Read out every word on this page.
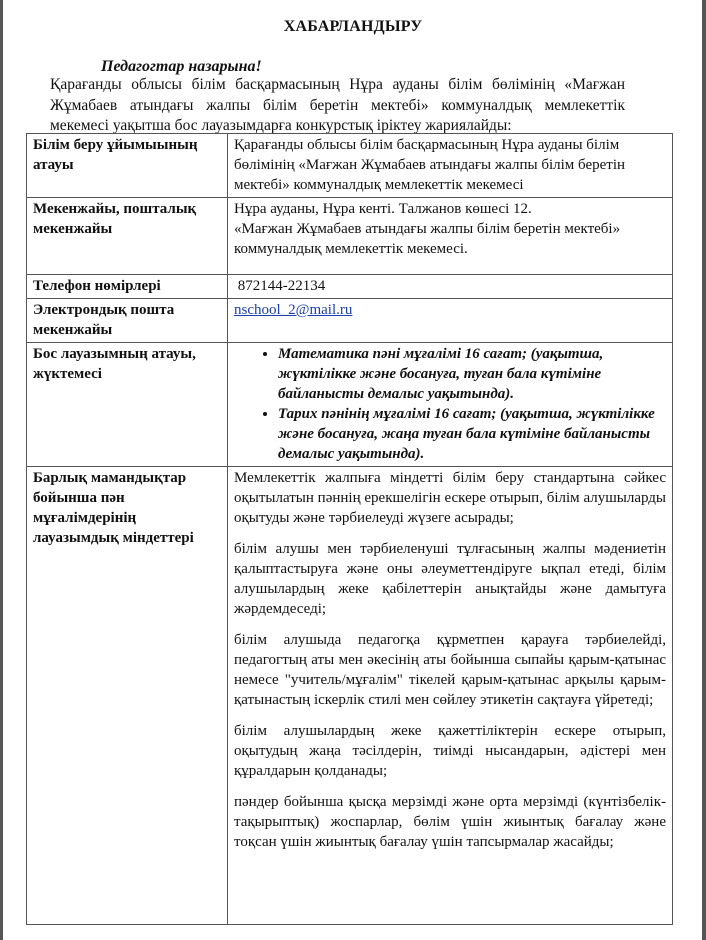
ХАБАРЛАНДЫРУ
Педагогтар назарына!
Қарағанды облысы білім басқармасының Нұра ауданы білім бөлімінің «Мағжан Жұмабаев атындағы жалпы білім беретін мектебі» коммуналдық мемлекеттік мекемесі уақытша бос лауазымдарға конкурстық іріктеу жариялайды:
Білім беру ұйымыының атауы	Қарағанды облысы білім басқармасының Нұра ауданы білім бөлімінің «Мағжан Жұмабаев атындағы жалпы білім беретін мектебі» коммуналдық мемлекеттік мекемесі
Мекенжайы, пошталық мекенжайы	Нұра ауданы, Нұра кенті. Талжанов көшесі 12.
«Мағжан Жұмабаев атындағы жалпы білім беретін мектебі» коммуналдық мемлекеттік мекемесі.

Телефон нөмірлері	872144-22134
Электрондық пошта мекенжайы	nschool_2@mail.ru
Бос лауазымның атауы, жүктемесі	
• Математика пәні мұғалімі 16 сағат; (уақытша, жүктілікке және босануға, туған бала күтіміне байланысты демалыс уақытында).
• Тарих пәнінің мұғалімі 16 сағат; (уақытша, жүктілікке және босануға, жаңа туған бала күтіміне байланысты демалыс уақытында).

Барлық мамандықтар бойынша пән мұғалімдерінің лауазымдық міндеттері	Мемлекеттік жалпыға міндетті білім беру стандартына сәйкес оқытылатын пәннің ерекшелігін ескере отырып, білім алушыларды оқытуды және тәрбиелеуді жүзеге асырады;

білім алушы мен тәрбиеленуші тұлғасының жалпы мәдениетін қалыптастыруға және оны әлеуметтендіруге ықпал етеді, білім алушылардың жеке қабілеттерін анықтайды және дамытуға жәрдемдеседі;

білім алушыда педагогқа құрметпен қарауға тәрбиелейді, педагогтың аты мен әкесінің аты бойынша сыпайы қарым-қатынас немесе "учитель/мұғалім" тікелей қарым-қатынас арқылы қарым-қатынастың іскерлік стилі мен сөйлеу этикетін сақтауға үйретеді;

білім алушылардың жеке қажеттіліктерін ескере отырып, оқытудың жаңа тәсілдерін, тиімді нысандарын, әдістері мен құралдарын қолданады;

пәндер бойынша қысқа мерзімді және орта мерзімді (күнтізбелік-тақырыптық) жоспарлар, бөлім үшін жиынтық бағалау және тоқсан үшін жиынтық бағалау үшін тапсырмалар жасайды;
